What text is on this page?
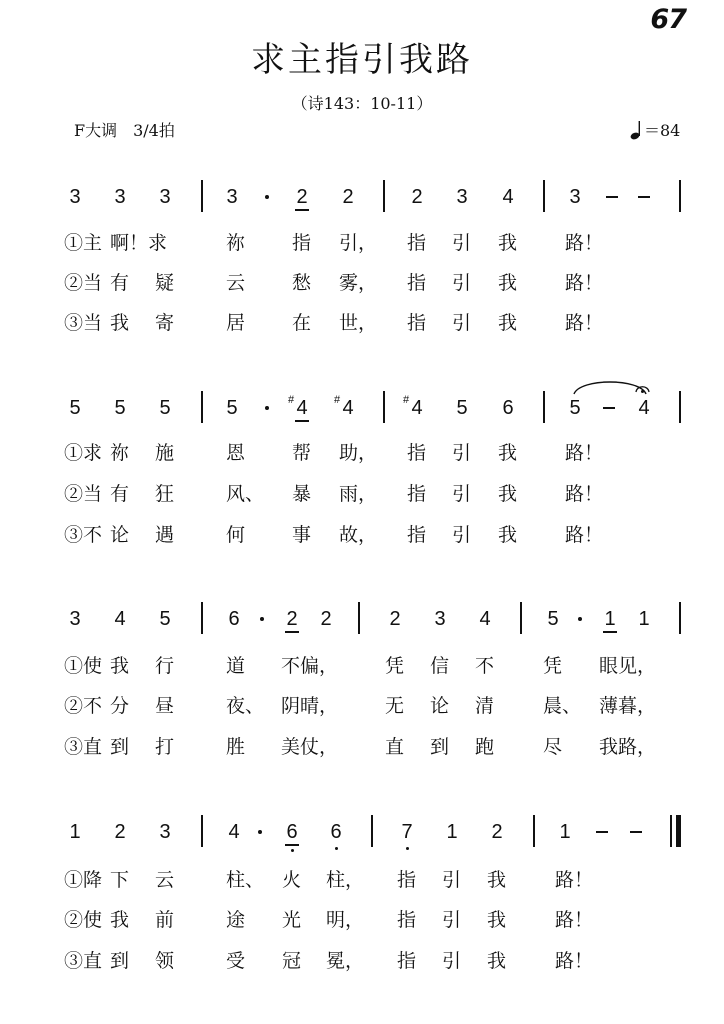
67
求主指引我路
（诗143：10-11）
F大调　3/4拍	＝84
3 3 3	3	2 2	2 3 4	3
①主 啊！求	祢 指 引， 指 引 我	路！
②当 有 疑	云 愁 雾， 指 引 我	路！
③当 我 寄	居 在 世， 指 引 我	路！
5 5 5	5	# 4	# 4	# 4 5 6	5	4
①求 祢 施	恩 帮 助， 指 引 我	路！
②当 有 狂	风、 暴 雨， 指 引 我	路！
③不 论 遇	何 事 故， 指 引 我	路！
3 4 5	6 2 2	2 3 4	5 1 1
①使 我 行	道 不偏， 凭 信 不	凭 眼见，
②不 分 昼	夜、 阴晴， 无 论 清	晨、 薄暮，
③直 到 打	胜 美仗， 直 到 跑	尽 我路，
1 2 3	4 6 6	7 1 2	1
①降 下 云	柱、 火 柱， 指 引 我	路！
②使 我 前	途 光 明， 指 引 我	路！
③直 到 领	受 冠 冕， 指 引 我	路！
